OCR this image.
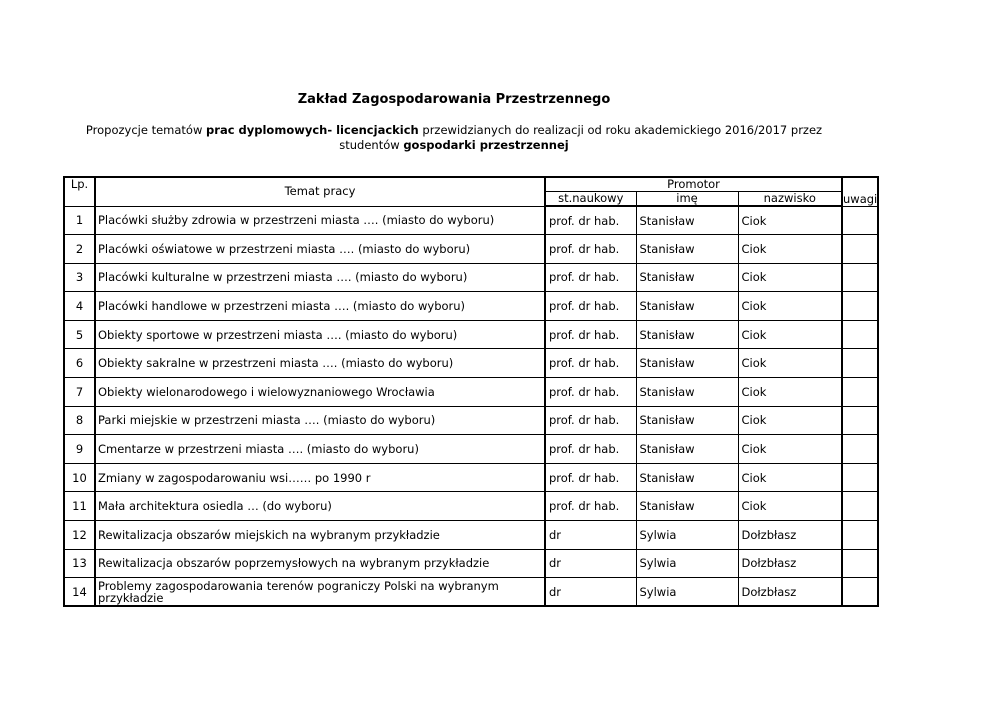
Zakład Zagospodarowania Przestrzennego
Propozycje tematów prac dyplomowych- licencjackich przewidzianych do realizacji od roku akademickiego 2016/2017 przez
studentów gospodarki przestrzennej
Lp.	Temat pracy	Promotor			uwagi
		st.naukowy	imę	nazwisko	
1	Placówki służby zdrowia w przestrzeni miasta …. (miasto do wyboru)	prof. dr hab.	Stanisław	Ciok	
2	Placówki oświatowe w przestrzeni miasta …. (miasto do wyboru)	prof. dr hab.	Stanisław	Ciok	
3	Placówki kulturalne w przestrzeni miasta …. (miasto do wyboru)	prof. dr hab.	Stanisław	Ciok	
4	Placówki handlowe w przestrzeni miasta …. (miasto do wyboru)	prof. dr hab.	Stanisław	Ciok	
5	Obiekty sportowe w przestrzeni miasta …. (miasto do wyboru)	prof. dr hab.	Stanisław	Ciok	
6	Obiekty sakralne w przestrzeni miasta …. (miasto do wyboru)	prof. dr hab.	Stanisław	Ciok	
7	Obiekty wielonarodowego i wielowyznaniowego Wrocławia	prof. dr hab.	Stanisław	Ciok	
8	Parki miejskie w przestrzeni miasta …. (miasto do wyboru)	prof. dr hab.	Stanisław	Ciok	
9	Cmentarze w przestrzeni miasta …. (miasto do wyboru)	prof. dr hab.	Stanisław	Ciok	
10	Zmiany w zagospodarowaniu wsi…… po 1990 r	prof. dr hab.	Stanisław	Ciok	
11	Mała architektura osiedla … (do wyboru)	prof. dr hab.	Stanisław	Ciok	
12	Rewitalizacja obszarów miejskich na wybranym przykładzie	dr	Sylwia	Dołzbłasz	
13	Rewitalizacja obszarów poprzemysłowych na wybranym przykładzie	dr	Sylwia	Dołzbłasz	
14	Problemy zagospodarowania terenów pograniczy Polski na wybranym przykładzie	dr	Sylwia	Dołzbłasz	
